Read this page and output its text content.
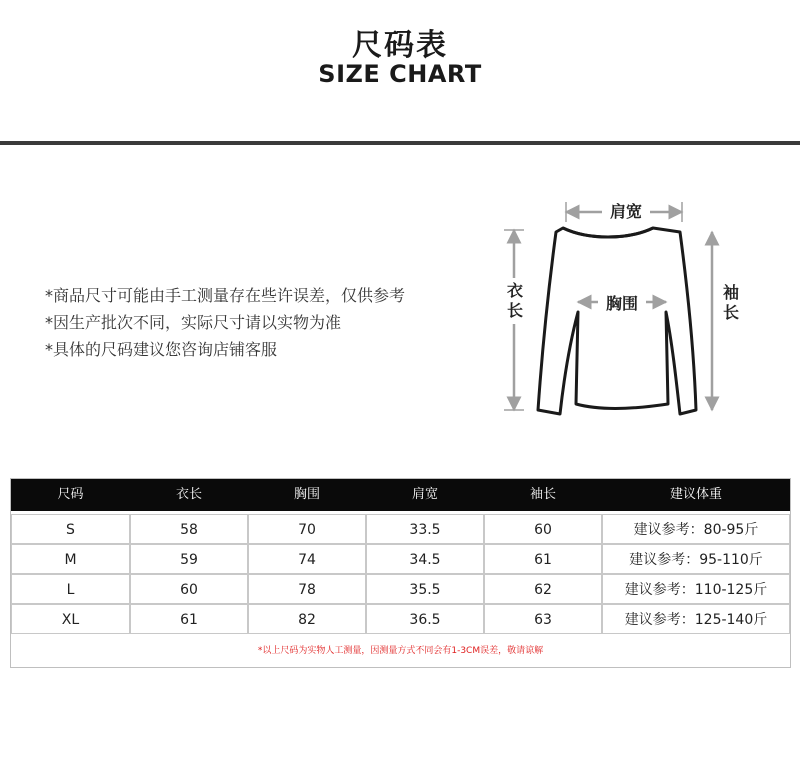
尺码表
SIZE CHART
*商品尺寸可能由手工测量存在些许误差，仅供参考
*因生产批次不同，实际尺寸请以实物为准
*具体的尺码建议您咨询店铺客服
肩宽
衣
长	胸围
袖
长
尺码	衣长	胸围	肩宽	袖长	建议体重
S	58	70	33.5	60	建议参考：80-95斤
M	59	74	34.5	61	建议参考：95-110斤
L	60	78	35.5	62	建议参考：110-125斤
XL	61	82	36.5	63	建议参考：125-140斤
*以上尺码为实物人工测量，因测量方式不同会有1-3CM误差，敬请谅解
